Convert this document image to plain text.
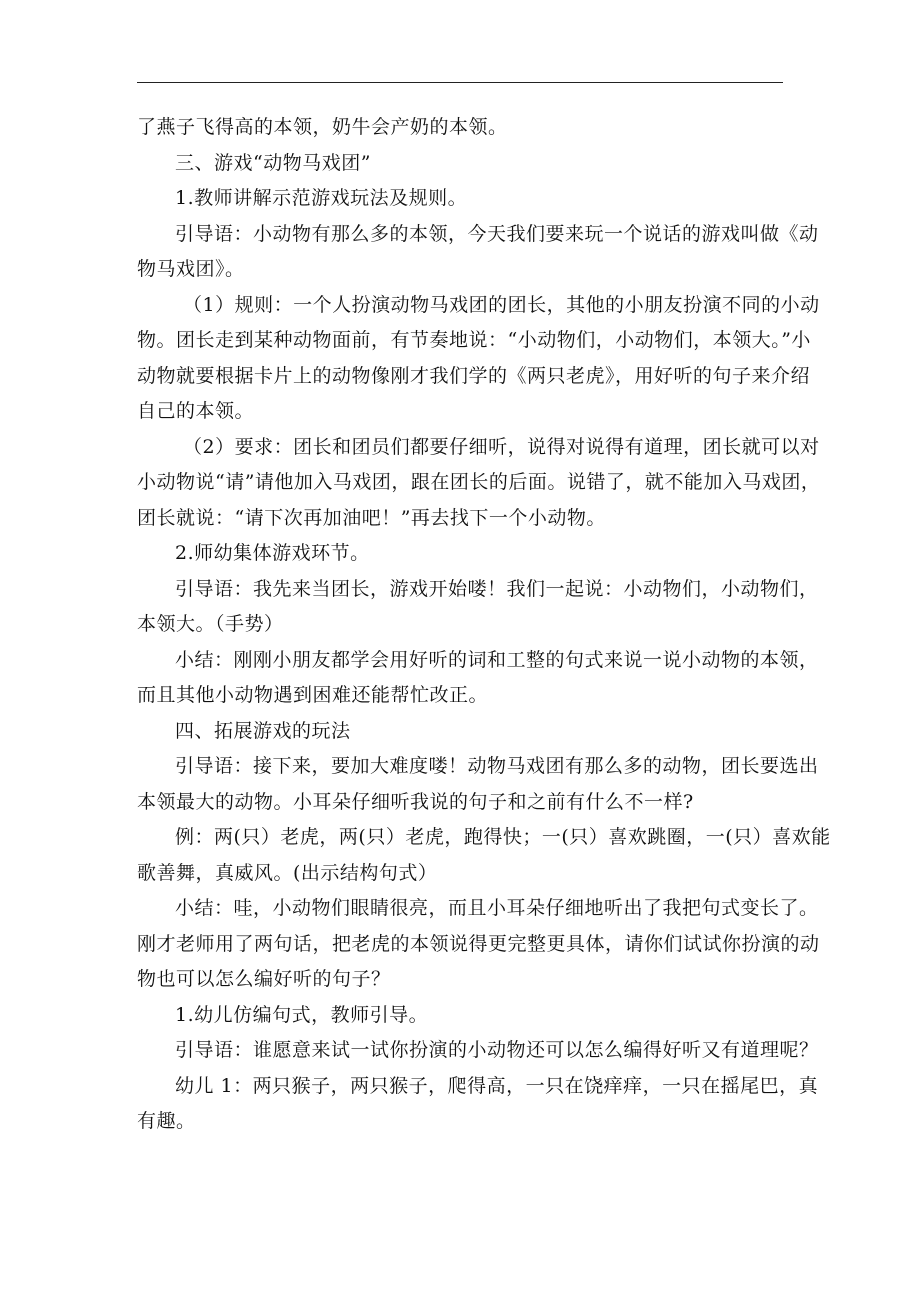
了燕子飞得高的本领，奶牛会产奶的本领。

三、游戏“动物马戏团”

1.教师讲解示范游戏玩法及规则。

引导语：小动物有那么多的本领，今天我们要来玩一个说话的游戏叫做《动
物马戏团》。

（1）规则：一个人扮演动物马戏团的团长，其他的小朋友扮演不同的小动
物。团长走到某种动物面前，有节奏地说：“小动物们，小动物们，本领大。”小
动物就要根据卡片上的动物像刚才我们学的《两只老虎》，用好听的句子来介绍
自己的本领。

（2）要求：团长和团员们都要仔细听，说得对说得有道理，团长就可以对
小动物说“请”请他加入马戏团，跟在团长的后面。说错了，就不能加入马戏团，
团长就说：“请下次再加油吧！”再去找下一个小动物。

2.师幼集体游戏环节。

引导语：我先来当团长，游戏开始喽！我们一起说：小动物们，小动物们，
本领大。（手势）

小结：刚刚小朋友都学会用好听的词和工整的句式来说一说小动物的本领，
而且其他小动物遇到困难还能帮忙改正。

四、拓展游戏的玩法

引导语：接下来，要加大难度喽！动物马戏团有那么多的动物，团长要选出
本领最大的动物。小耳朵仔细听我说的句子和之前有什么不一样?

例：两(只）老虎，两(只）老虎，跑得快；一(只）喜欢跳圈，一(只）喜欢能
歌善舞，真威风。(出示结构句式）

小结：哇，小动物们眼睛很亮，而且小耳朵仔细地听出了我把句式变长了。
刚才老师用了两句话，把老虎的本领说得更完整更具体，请你们试试你扮演的动
物也可以怎么编好听的句子？

1.幼儿仿编句式，教师引导。

引导语：谁愿意来试一试你扮演的小动物还可以怎么编得好听又有道理呢？

幼儿 1：两只猴子，两只猴子，爬得高，一只在饶痒痒，一只在摇尾巴，真
有趣。
